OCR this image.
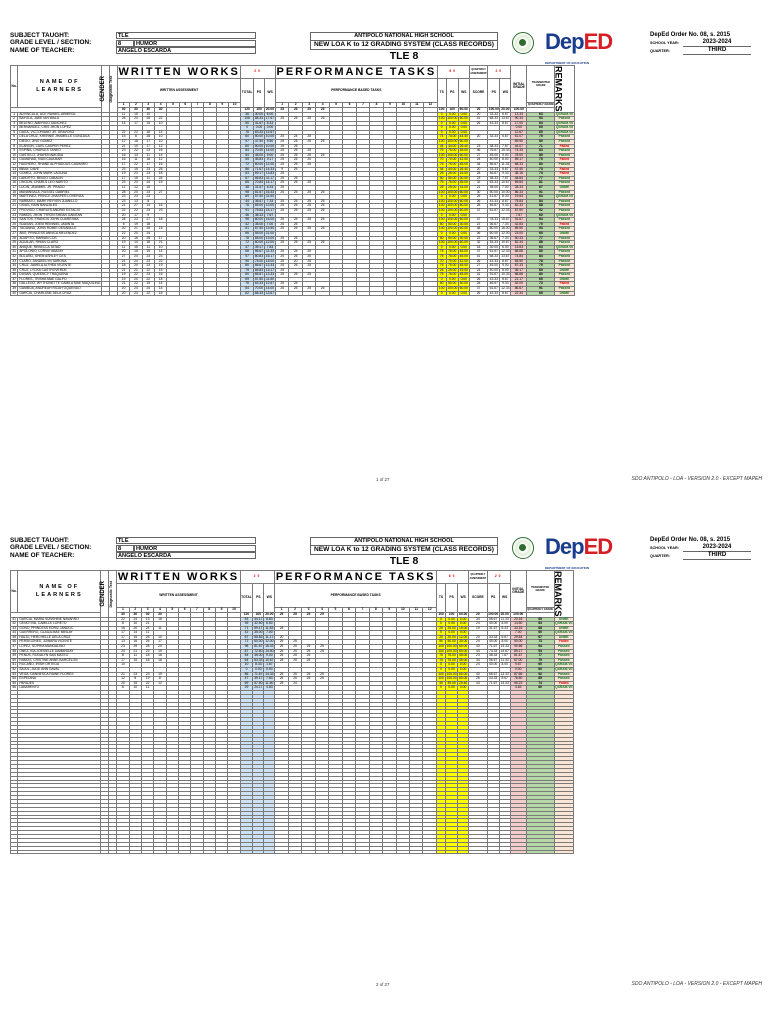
SUBJECT TAUGHT:	TLE
GRADE LEVEL / SECTION:	8	HUMOR
NAME OF TEACHER:	ANGELO ESCARDA
ANTIPOLO NATIONAL HIGH SCHOOL
NEW LOA K to 12 GRADING SYSTEM (CLASS RECORDS)
TLE 8
DepED
DEPARTMENT OF EDUCATION
DepEd Order No. 08, s. 2015
SCHOOL YEAR:	2023-2024
QUARTER:	THIRD
No.	NAME OF LEARNERS	GENDER	Diagnostic Test	WRITTEN WORKS										20			PERFORMANCE TASKS												60			QUARTERLY ASSESSMENT	20		INITIAL GRADE	TRANSMUTED GRADE	REMARKS

				WRITTEN ASSESSMENT										TOTAL	PS	WS	PERFORMANCE BASED TASKS												TS	PS	WS	SCORE	PS	WS			
				1	2	3	4	5	6	7	8	9	10				1	2	3	4	5	6	7	8	9	10	11	12								QUARTERLY GRADE	
				30	30	30	30							120	100	20.00	25	25	25	25									100	100	60.00	20	100.00	20.00	100.00		
1	ADVINCULA, ACE RAINIEL ARMIROL			11	15	10								36	30.00	6.00													0	0.00	0.00	20	33.33	6.67	13.33	63	QSRAM.VII
2	BAYOLA, JAKE IAN WALA			28	24	28	22							106	88.33	17.67	25	25	25	25									100	100.00	60.00	41	68.33	13.67	90.34	93	Passed
3	BELENO, AMERIGO SANCHEZ			14	17	15	10							50	41.67	8.33													0	0.00	0.00	26	43.33	8.67	17.00	64	QSRAM.VII
4	BERNARDEZ, CRIS JHON LOPEZ													0	0.00	0.00													0	0.00	0.00				0.00	60	QSRAM.VII
5	DAGA, VICTORIANO JR. GRAVOSO			22	22	18	14							76	63.33	12.67													0	0.00	0.00				12.67	60	QSRAM.VII
6	DELA CRUZ, KHENNIE JHAMELLE GONZAGA			15	8	28	10							60	50.00	10.00	25	24	25										74	74.00	44.40	20	33.33	6.67	61.07	75	Passed
7	DIEGO, JINO GOMEZ			12	18	17	10							57	47.50	9.50	25	25	25	25									100	100.00	60.00				69.50	80	Passed
8	ELARION, CARL CASPER PEREZ			21	10	17	12							60	50.00	10.00	19	25											44	44.00	26.40	23	38.33	7.67	44.07	71	Failed
9	ESPIÑA, CHARLES TANEO			23	22	23	16							84	70.00	14.00	25	25	25										75	75.00	45.00	46	76.67	15.33	74.33	83	Passed
10	GASTELO, JHAYEN AMODIA			16	13	11	14							54	45.00	9.00	25	25	25	25									100	100.00	60.00	27	45.00	9.00	78.00	85	Passed
11	GUMAHAD, IVAN CAULBAR			16	11	16	12							55	45.83	9.17	25	25	20										70	70.00	42.00	24	40.00	8.00	59.17	75	Failed
12	HAGHERO, RHANE ALPHADOUS CASIMIRO			17	22	17	16							72	60.00	12.00	25	25	25										75	75.00	45.00	34	56.67	11.33	68.33	80	Passed
13	IBBAY, DAVE			23	15	23	25							86	71.67	14.33	9	25											44	44.00	26.40	20	33.33	6.67	47.40	73	Failed
14	GOMEZ, JOHN MARK LAGUNA			19	23	23	18							83	69.17	13.83	25												25	25.00	15.00	28	46.67	9.33	38.16	74	Failed
15	LABORTO, BENJO CABALIN			17	15	11	24							67	55.83	11.17	25	25											50	50.00	30.00	23	38.33	7.67	48.84	77	Passed
16	LINGON, CHARLS LEO NARITO			23	23	24	15							85	70.83	14.17	25	25	25										75	75.00	45.00	32	53.33	10.67	69.84	81	Passed
17	LUCIN, JEANMEL JR. PRADO			11	12	15								38	31.67	6.33	25												25	25.00	15.00	21	35.00	7.00	28.33	67	DNME
18	MANANSALA, RUSSEL GABRIEL			28	20	23	27							98	81.67	16.33	25	25	25	25									100	100.00	60.00	30	50.00	10.00	86.33	91	Passed
19	MARTINEZ, PRINCE JHASPER LOVERIZA			23	23	23								69	57.50	11.50													0	0.00	0.00	25	41.67	8.33	19.83	64	QSRAM.VII
20	NARBATO, MARK REYVEN JUANILLO			23	13	8								44	36.67	7.33	25	25	25	25									100	100.00	60.00	26	43.33	8.67	75.84	84	Passed
21	OSIAS, RAIN BANZALES			21	27	14	16							78	65.00	13.00	25	25	25	25									100	100.00	60.00	28	46.67	9.33	82.33	88	Passed
22	PROVIDO, CHARLES ANDREI ESTACIO			22	22	23	23							91	75.83	15.17	25	25	25	25									100	100.00	60.00	37	61.67	12.33	87.50	92	Passed
23	RAMOS, JHON TYRON SHEAN GABITAN			20	17	9								46	38.33	7.67													0	0.00	0.00				7.67	60	QSRAM.VII
24	SANTOS, FRANCIS JOHN CUARESMA			28	23	27	18							96	80.00	16.00	25	25	25	25									100	100.00	60.00	47	78.33	15.67	91.67	94	Passed
25	SUASAN, JOEM REINNIEL JABINTA			5	19	18								42	35.00	7.00	25	25											50	50.00	30.00	22	36.67	7.33	42.83	70	Failed
26	TAGANNA, JOHN ROMIE DESABILLE			20	21	25	15							81	67.50	13.50	25	25	25	25									100	100.00	60.00	48	80.00	16.00	89.50	93	Passed
27	ABO, PRINCESS ANNICA MELENDEZ			22	20	24								66	55.00	11.00													0	0.00	0.00	36	60.00	12.00	23.00	65	DNME
28	AGAPITO, MARIAN COS			20	16	25	17							78	65.00	13.00	25	25											50	50.00	30.00	22	36.67	7.33	50.33	77	Passed
29	AGUILAR, RHIAN CLARO			19	14	18	21							72	60.00	12.00	25	25	25	25									100	100.00	60.00	32	53.33	10.67	82.34	88	Passed
30	ANIQUE, REBECCA TATAD			11	15	11	10							47	39.17	7.83													0	0.00	0.00	18	30.00	6.00	13.83	63	QSRAM.VII
31	APOLONIO, LORVIE ABATAY			20	15	19	14							68	56.67	11.33	25	25	25										75	75.00	45.00	37	61.67	12.33	68.66	80	Passed
32	BOLAÑO, SHEM ASHLEY CES			27	24	23	23							97	80.83	16.17	25	25	25										75	75.00	45.00	41	68.33	13.67	74.84	84	Passed
33	CLARO, JANDEELYN SARONA			21	24	23	22							90	75.00	15.00	25	20	25										70	70.00	42.00	26	43.33	8.67	65.50	78	Passed
34	CRUZ, JAMELA ALTHEA VICENTE			18	20	23	19							80	66.67	13.33	25	25	25										75	75.00	45.00	27	45.00	9.00	67.33	79	Passed
35	CRUZ, LYCKA CASTROVERDE			21	21	22	15							79	65.83	13.17	25												25	25.00	15.00	24	40.00	8.00	36.17	69	DNME
36	DUSAN, QUEENCY TRAQUENA			19	22	23	16							80	66.67	13.33	25	25	25										75	75.00	45.00	31	51.67	10.33	68.66	80	Passed
37	FLORES, TRISHA MAE GALPO			19	20	22	18							69	57.50	11.50													0	0.00	0.00	26	43.33	8.67	21.17	65	DNME
38	GALLEGO, WYTHONETTE CAMILA MAE MAQUILING			21	22	19	14							76	63.33	12.67	25	25											50	50.00	30.00	28	46.67	9.33	52.00	73	Failed
39	GAMBOA, ANDREAH RICAH OQUENDO			20	24	24	14							84	70.00	14.00	25	25	25	25									100	100.00	60.00	37	61.67	12.33	86.67	91	Passed
40	GARCIA, CHARLENE DELA CRUZ			20	23	22	16							82	68.33	13.67													0	0.00	0.00	26	43.33	8.67	22.34	65	DNME
1 of 27	SDO ANTIPOLO - LOA - VERSION 2.0 - EXCEPT MAPEH
SUBJECT TAUGHT:	TLE
GRADE LEVEL / SECTION:	8	HUMOR
NAME OF TEACHER:	ANGELO ESCARDA
ANTIPOLO NATIONAL HIGH SCHOOL
NEW LOA K to 12 GRADING SYSTEM (CLASS RECORDS)
TLE 8
DepED
DEPARTMENT OF EDUCATION
DepEd Order No. 08, s. 2015
SCHOOL YEAR:	2023-2024
QUARTER:	THIRD
No.	NAME OF LEARNERS	GENDER	Diagnostic Test	WRITTEN WORKS										20			PERFORMANCE TASKS												60			QUARTERLY ASSESSMENT	20		INITIAL GRADE	TRANSMUTED GRADE	REMARKS

				WRITTEN ASSESSMENT										TOTAL	PS	WS	PERFORMANCE BASED TASKS												TS	PS	WS	SCORE	PS	WS			
				1	2	3	4	5	6	7	8	9	10				1	2	3	4	5	6	7	8	9	10	11	12								QUARTERLY GRADE	
				30	30	30	30							120	100	20.00	25	25	25	25									100	100	60.00	20	100.00	20.00	100.00		
41	GARCIA, MARIA SUNSHINE NAVARRO			22	24	13	16							53	44.17	8.83													0	0.00	0.00	34	56.67	11.33	20.16	65	DNME
42	GENOTIVA, CAMILLE LORETO			8	10	21								39	32.50	6.50													0	0.00	0.00	24	40.00	8.00	14.50	63	QSRAM.VII
43	GONO, PRINCESS EDRIZ JANDOC			16	20	24	11							71	59.17	11.83	25												25	25.00	15.00	19	31.67	6.33	33.16	68	DNME
44	GUERRERO, GLAIZA MAE MINLAY			17	14	11								42	35.00	7.00													0	0.00	0.00				7.00	60	QSRAM.VII
45	HALILI, HERCHELLE DELA CRUZ			17	15	25	10							67	55.83	11.17	20												20	20.00	12.00	20	33.33	6.67	29.84	67	DNME
46	PERSIGONES, JOWARA VICENTE			13	16	26	17							72	60.00	12.00	25	25											50	50.00	30.00	24	40.00	8.00	50.00	73	Failed
47	LOPEZ, SOPHIA MANGALINO			23	29	28	20							98	81.67	16.33	25	25	25	25									100	100.00	60.00	43	71.67	14.33	90.66	94	Passed
48	ONEZ, KIA JOESIELLE DAMANGAY			24	21	23	19							87	72.50	14.50	25	25	25	25									100	100.00	60.00	44	73.33	14.67	89.17	93	Passed
49	PENUS, RODALYN SAN MATEO			8	11	18	18							54	45.00	9.00	25	25	25										75	75.00	45.00	23	38.33	7.67	61.67	77	Passed
50	RAMOS, CRISTINE ANNE BARCELON			17	15	18	16							64	53.33	10.67	25	25	25										75	75.00	45.00	34	56.67	11.33	67.00	79	Passed
51	ROCAÑO, IRISH ORTEGA			10										10	8.33	1.67													0	0.00	0.00	24	40.00	8.00	9.67	60	QSRAM.VII
52	SAJUL, JULIE ANN GAVAL													0	0.00	0.00													0	0.00	0.00				0.00	60	QSRAM.VII
53	VEGA, DANNESCA RAINE FLORES			21	23	23	19							86	71.67	14.33	25	25	25	25									100	100.00	60.00	40	66.67	13.33	87.66	92	Passed
54	ESPEDINA			12	8	19	8							47	39.17	7.83	25	25	25	25									100	100.00	60.00	26	43.33	8.67	76.50	85	Passed
55	PARAJES			20	15	22	12							69	57.50	11.50	25	24											49	49.00	29.40	43	71.67	14.33	55.23	74	Failed
56	LABARENTO			8	10	11								29	24.17	4.83													0	0.00	0.00				4.83	60	QSRAM.VII

2 of 27	SDO ANTIPOLO - LOA - VERSION 2.0 - EXCEPT MAPEH
